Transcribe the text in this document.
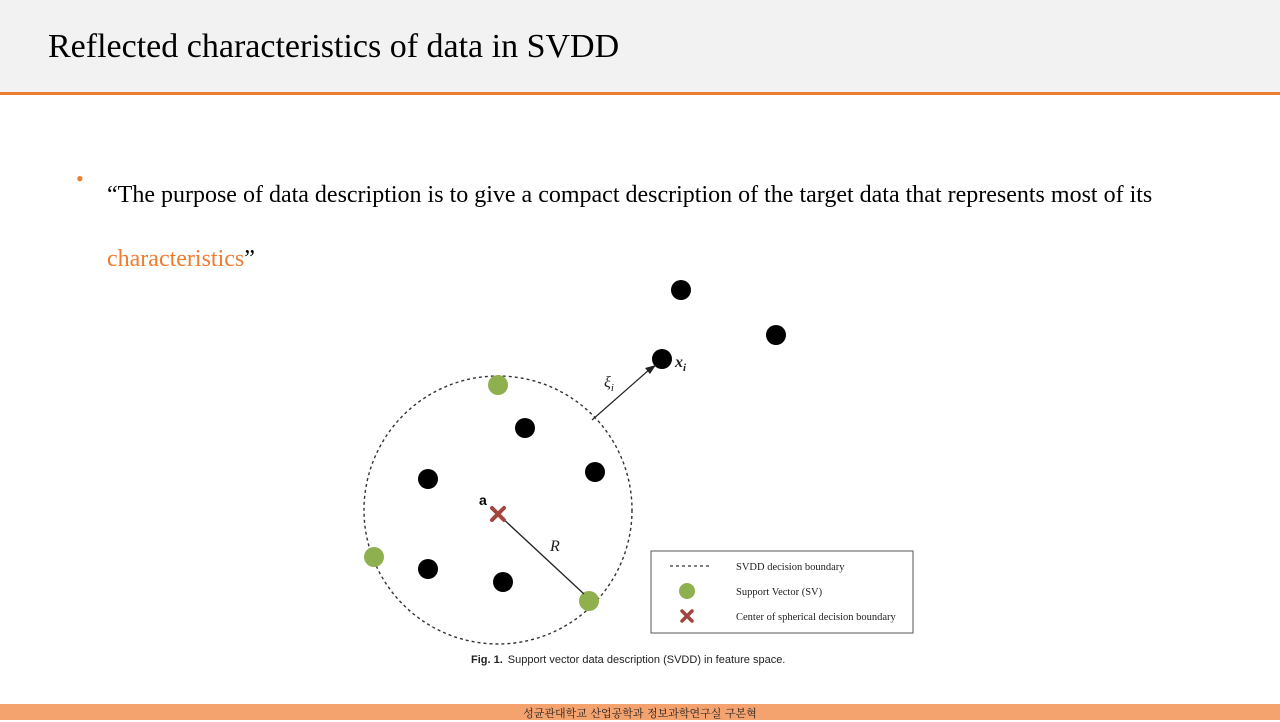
Reflected characteristics of data in SVDD
•
“The purpose of data description is to give a compact description of the target data that represents most of its characteristics”
R
a
$\xi_i$
$x_i$
SVDD decision boundary
Support Vector (SV)
Center of spherical decision boundary
Fig. 1. Support vector data description (SVDD) in feature space.
성균관대학교 산업공학과 정보과학연구실 구본혁
